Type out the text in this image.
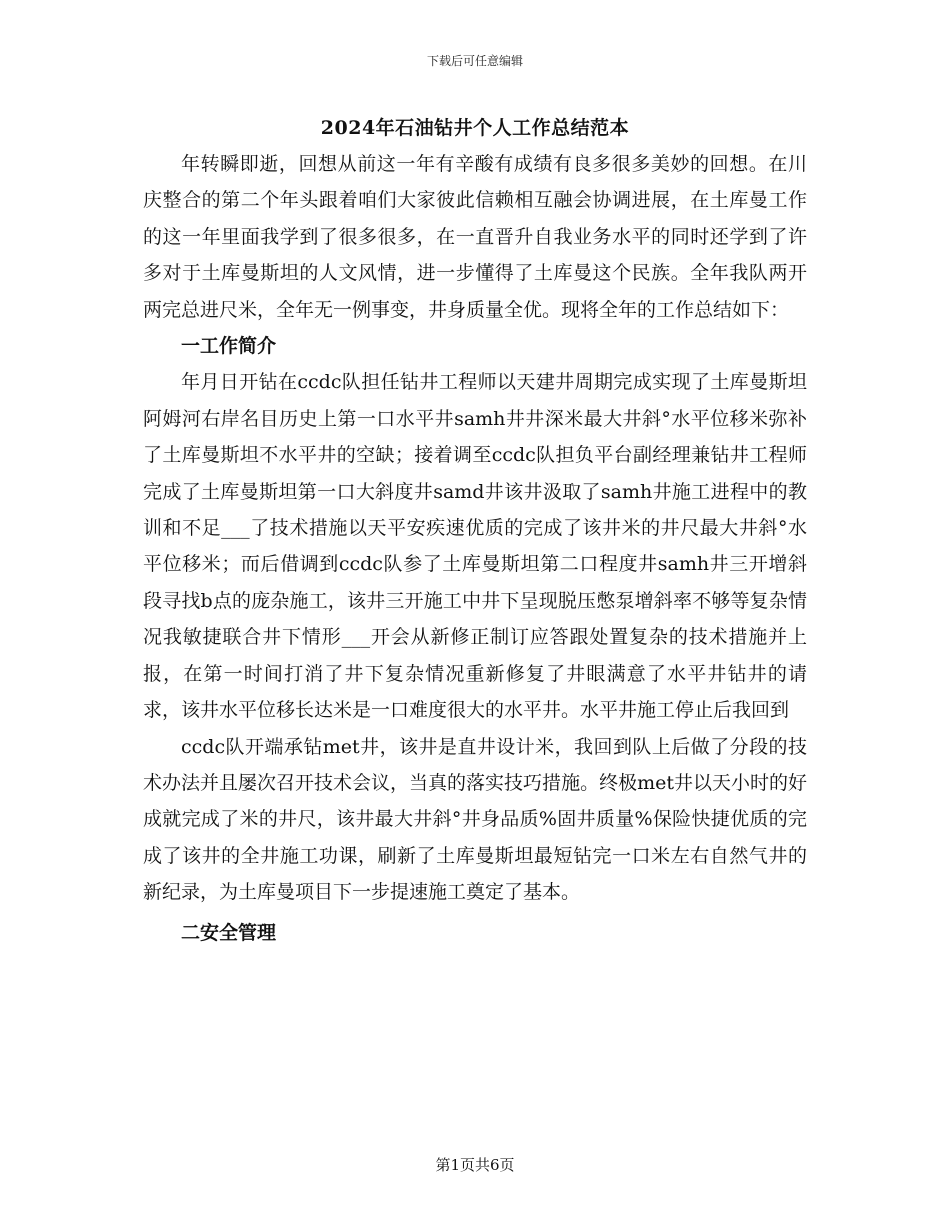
下载后可任意编辑
2024年石油钻井个人工作总结范本

年转瞬即逝，回想从前这一年有辛酸有成绩有良多很多美妙的回想。在川庆整合的第二个年头跟着咱们大家彼此信赖相互融会协调进展，在土库曼工作的这一年里面我学到了很多很多，在一直晋升自我业务水平的同时还学到了许多对于土库曼斯坦的人文风情，进一步懂得了土库曼这个民族。全年我队两开两完总进尺米，全年无一例事变，井身质量全优。现将全年的工作总结如下：

一工作简介

年月日开钻在ccdc队担任钻井工程师以天建井周期完成实现了土库曼斯坦阿姆河右岸名目历史上第一口水平井samh井井深米最大井斜°水平位移米弥补了土库曼斯坦不水平井的空缺；接着调至ccdc队担负平台副经理兼钻井工程师完成了土库曼斯坦第一口大斜度井samd井该井汲取了samh井施工进程中的教训和不足___了技术措施以天平安疾速优质的完成了该井米的井尺最大井斜°水平位移米；而后借调到ccdc队参了土库曼斯坦第二口程度井samh井三开增斜段寻找b点的庞杂施工，该井三开施工中井下呈现脱压憋泵增斜率不够等复杂情况我敏捷联合井下情形___开会从新修正制订应答跟处置复杂的技术措施并上报，在第一时间打消了井下复杂情况重新修复了井眼满意了水平井钻井的请求，该井水平位移长达米是一口难度很大的水平井。水平井施工停止后我回到

ccdc队开端承钻met井，该井是直井设计米，我回到队上后做了分段的技术办法并且屡次召开技术会议，当真的落实技巧措施。终极met井以天小时的好成就完成了米的井尺，该井最大井斜°井身品质%固井质量%保险快捷优质的完成了该井的全井施工功课，刷新了土库曼斯坦最短钻完一口米左右自然气井的新纪录，为土库曼项目下一步提速施工奠定了基本。

二安全管理
第1页共6页
